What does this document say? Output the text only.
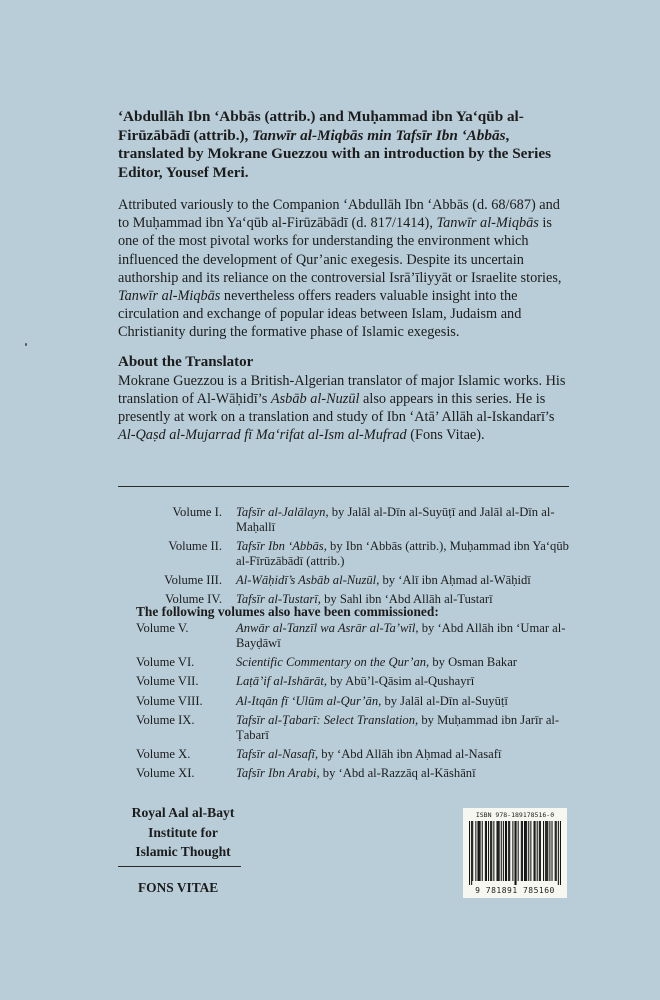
‘Abdullāh Ibn ‘Abbās (attrib.) and Muḥammad ibn Ya‘qūb al-Firūzābādī (attrib.), Tanwīr al-Miqbās min Tafsīr Ibn ‘Abbās, translated by Mokrane Guezzou with an introduction by the Series Editor, Yousef Meri.

Attributed variously to the Companion ‘Abdullāh Ibn ‘Abbās (d. 68/687) and to Muḥammad ibn Ya‘qūb al-Firūzābādī (d. 817/1414), Tanwīr al-Miqbās is one of the most pivotal works for understanding the environment which influenced the development of Qur’anic exegesis. Despite its uncertain authorship and its reliance on the controversial Isrā’īliyyāt or Israelite stories, Tanwīr al-Miqbās nevertheless offers readers valuable insight into the circulation and exchange of popular ideas between Islam, Judaism and Christianity during the formative phase of Islamic exegesis.

About the Translator

Mokrane Guezzou is a British-Algerian translator of major Islamic works. His translation of Al-Wāḥidī’s Asbāb al-Nuzūl also appears in this series. He is presently at work on a translation and study of Ibn ‘Atā’ Allāh al-Iskandarī’s Al-Qaṣd al-Mujarrad fī Ma‘rifat al-Ism al-Mufrad (Fons Vitae).

Volume I.	Tafsīr al-Jalālayn, by Jalāl al-Dīn al-Suyūṭī and Jalāl al-Dīn al-Maḥallī
Volume II.	Tafsīr Ibn ‘Abbās, by Ibn ‘Abbās (attrib.), Muḥammad ibn Ya‘qūb al-Fīrūzābādī (attrib.)
Volume III.	Al-Wāḥidī’s Asbāb al-Nuzūl, by ‘Alī ibn Aḥmad al-Wāḥidī
Volume IV.	Tafsīr al-Tustarī, by Sahl ibn ‘Abd Allāh al-Tustarī
The following volumes also have been commissioned:
Volume V.	Anwār al-Tanzīl wa Asrār al-Ta’wīl, by ‘Abd Allāh ibn ‘Umar al-Bayḍāwī
Volume VI.	Scientific Commentary on the Qur’an, by Osman Bakar
Volume VII.	Laṭā’if al-Ishārāt, by Abū’l-Qāsim al-Qushayrī
Volume VIII.	Al-Itqān fī ‘Ulūm al-Qur’ān, by Jalāl al-Dīn al-Suyūṭī
Volume IX.	Tafsīr al-Ṭabarī: Select Translation, by Muḥammad ibn Jarīr al-Ṭabarī
Volume X.	Tafsīr al-Nasafī, by ‘Abd Allāh ibn Aḥmad al-Nasafī
Volume XI.	Tafsīr Ibn Arabi, by ‘Abd al-Razzāq al-Kāshānī
Royal Aal al-Bayt
Institute for
Islamic Thought
FONS VITAE
ISBN 978-189178516-0
9 781891 785160
